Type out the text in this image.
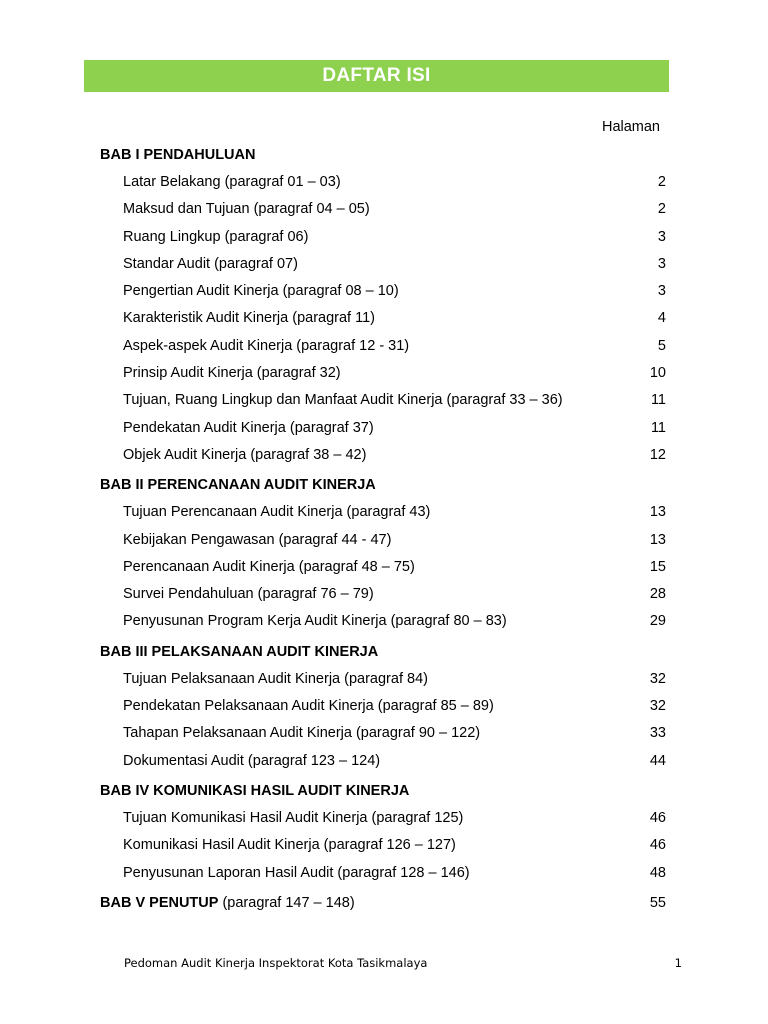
DAFTAR ISI
Halaman
BAB I PENDAHULUAN
Latar Belakang (paragraf 01 – 03)	2
Maksud dan Tujuan (paragraf 04 – 05)	2
Ruang Lingkup (paragraf 06)	3
Standar Audit (paragraf 07)	3
Pengertian Audit Kinerja (paragraf 08 – 10)	3
Karakteristik Audit Kinerja (paragraf 11)	4
Aspek-aspek Audit Kinerja (paragraf 12 - 31)	5
Prinsip Audit Kinerja (paragraf 32)	10
Tujuan, Ruang Lingkup dan Manfaat Audit Kinerja (paragraf 33 – 36)	11
Pendekatan Audit Kinerja (paragraf 37)	11
Objek Audit Kinerja (paragraf 38 – 42)	12
BAB II PERENCANAAN AUDIT KINERJA
Tujuan Perencanaan Audit Kinerja (paragraf 43)	13
Kebijakan Pengawasan (paragraf 44 - 47)	13
Perencanaan Audit Kinerja (paragraf 48 – 75)	15
Survei Pendahuluan (paragraf 76 – 79)	28
Penyusunan Program Kerja Audit Kinerja (paragraf 80 – 83)	29
BAB III PELAKSANAAN AUDIT KINERJA
Tujuan Pelaksanaan Audit Kinerja (paragraf 84)	32
Pendekatan Pelaksanaan Audit Kinerja (paragraf 85 – 89)	32
Tahapan Pelaksanaan Audit Kinerja (paragraf 90 – 122)	33
Dokumentasi Audit (paragraf 123 – 124)	44
BAB IV KOMUNIKASI HASIL AUDIT KINERJA
Tujuan Komunikasi Hasil Audit Kinerja (paragraf 125)	46
Komunikasi Hasil Audit Kinerja (paragraf 126 – 127)	46
Penyusunan Laporan Hasil Audit (paragraf 128 – 146)	48
BAB V PENUTUP (paragraf 147 – 148)	55
Pedoman Audit Kinerja Inspektorat Kota Tasikmalaya	1
